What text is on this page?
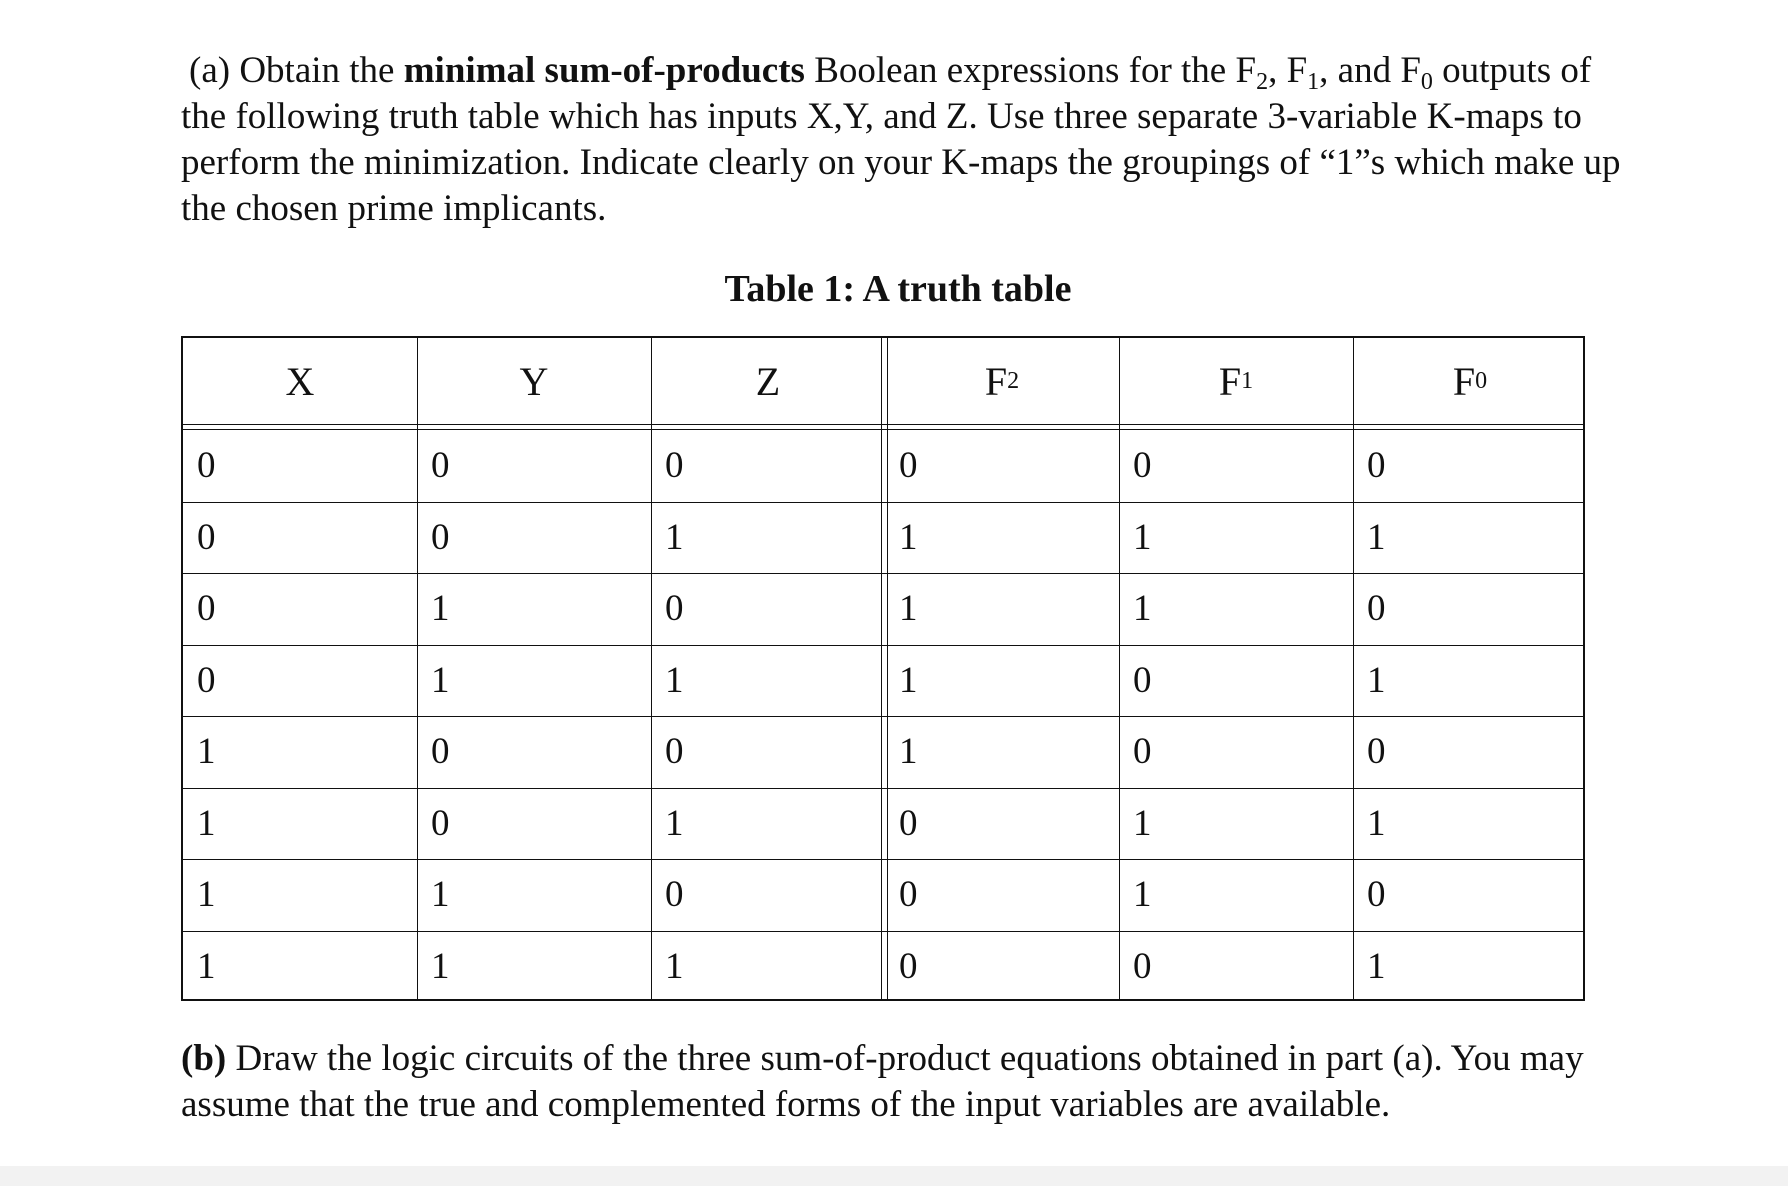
(a) Obtain the minimal sum-of-products Boolean expressions for the $F_2$, $F_1$, and $F_0$ outputs of
the following truth table which has inputs X,Y, and Z. Use three separate 3-variable K-maps to
perform the minimization. Indicate clearly on your K-maps the groupings of “1”s which make up
the chosen prime implicants.
Table 1: A truth table
X	Y	Z	F 2	F 1	F 0
0	0	0	0	0	0
0	0	1	1	1	1
0	1	0	1	1	0
0	1	1	1	0	1
1	0	0	1	0	0
1	0	1	0	1	1
1	1	0	0	1	0
1	1	1	0	0	1
(b) Draw the logic circuits of the three sum-of-product equations obtained in part (a). You may
assume that the true and complemented forms of the input variables are available.
